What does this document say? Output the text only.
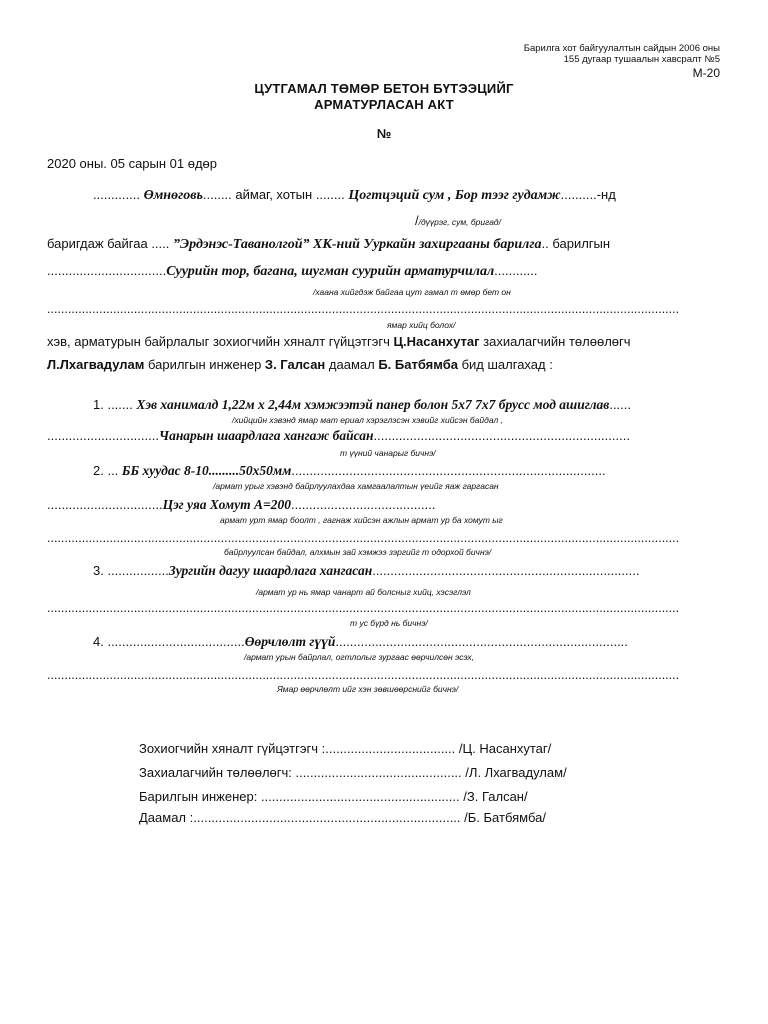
Барилга хот байгуулалтын сайдын 2006 оны
155 дугаар тушаалын хавсралт №5
М-20
ЦУТГАМАЛ ТӨМӨР БЕТОН БҮТЭЭЦИЙГ
АРМАТУРЛАСАН АКТ
№
2020 оны. 05 сарын 01 өдөр
............. Өмнөговь........ аймаг, хотын ........ Цогтцэций сум , Бор тээг гудамж..........-нд
//дүүрэг, сум, бригад/
баригдаж байгаа ..... ”Эрдэнэс-Таванолгой” ХК-ний Ууркайн захиргааны барилга.. барилгын
.................................Суурийн тор, багана, шугман суурийн арматурчилал............
/хаана хийгдэж байгаа цут гамал т өмөр бет он
......................................................................................................................................................................................
ямар хийц болох/
хэв, арматурын байрлалыг зохиогчийн хяналт гүйцэтгэгч Ц.Насанхутаг захиалагчийн төлөөлөгч
Л.Лхагвадулам барилгын инженер З. Галсан даамал Б. Батбямба бид шалгахад :
1. ....... Хэв ханималд 1,22м x 2,44м хэмжээтэй панер болон 5x7 7x7 брусс мод ашиглав......
/хийцийн хэвэнд ямар мат ериал хэрэглэсэн хэвийг хийсэн байдал ,
...............................Чанарын шаардлага хангаж байсан.......................................................................
т үүний чанарыг бичнэ/
2. ... ББ хуудас 8-10.........50x50мм.......................................................................................
/армат урыг хэвэнд байрлуулахдаа хамгаалалтын үеийг яаж гаргасан
................................Цэг уяа Хомут A=200........................................
армат урт ямар боолт , гагнаж хийсэн ажлын армат ур ба хомут ыг
......................................................................................................................................................................................
байрлуулсан байдал, алхмын зай хэмжээ зэргийг т одорхой бичнэ/
3. .................Зургийн дагуу шаардлага хангасан..........................................................................
/армат ур нь ямар чанарт ай болсныг хийц, хэсэглэл
......................................................................................................................................................................................
т ус бүрд нь бичнэ/
4. ......................................Өөрчлөлт гүүй.................................................................................
/армат урын байрлал, огтлолыг зургаас өөрчилсөн эсэх,
......................................................................................................................................................................................
Ямар өөрчлөлт ийг хэн зөвшөөрснийг бичнэ/
Зохиогчийн хяналт гүйцэтгэгч :.................................... /Ц. Насанхутаг/
Захиалагчийн төлөөлөгч: .............................................. /Л. Лхагвадулам/
Барилгын инженер: ....................................................... /З. Галсан/
Даамал :.......................................................................... /Б. Батбямба/
